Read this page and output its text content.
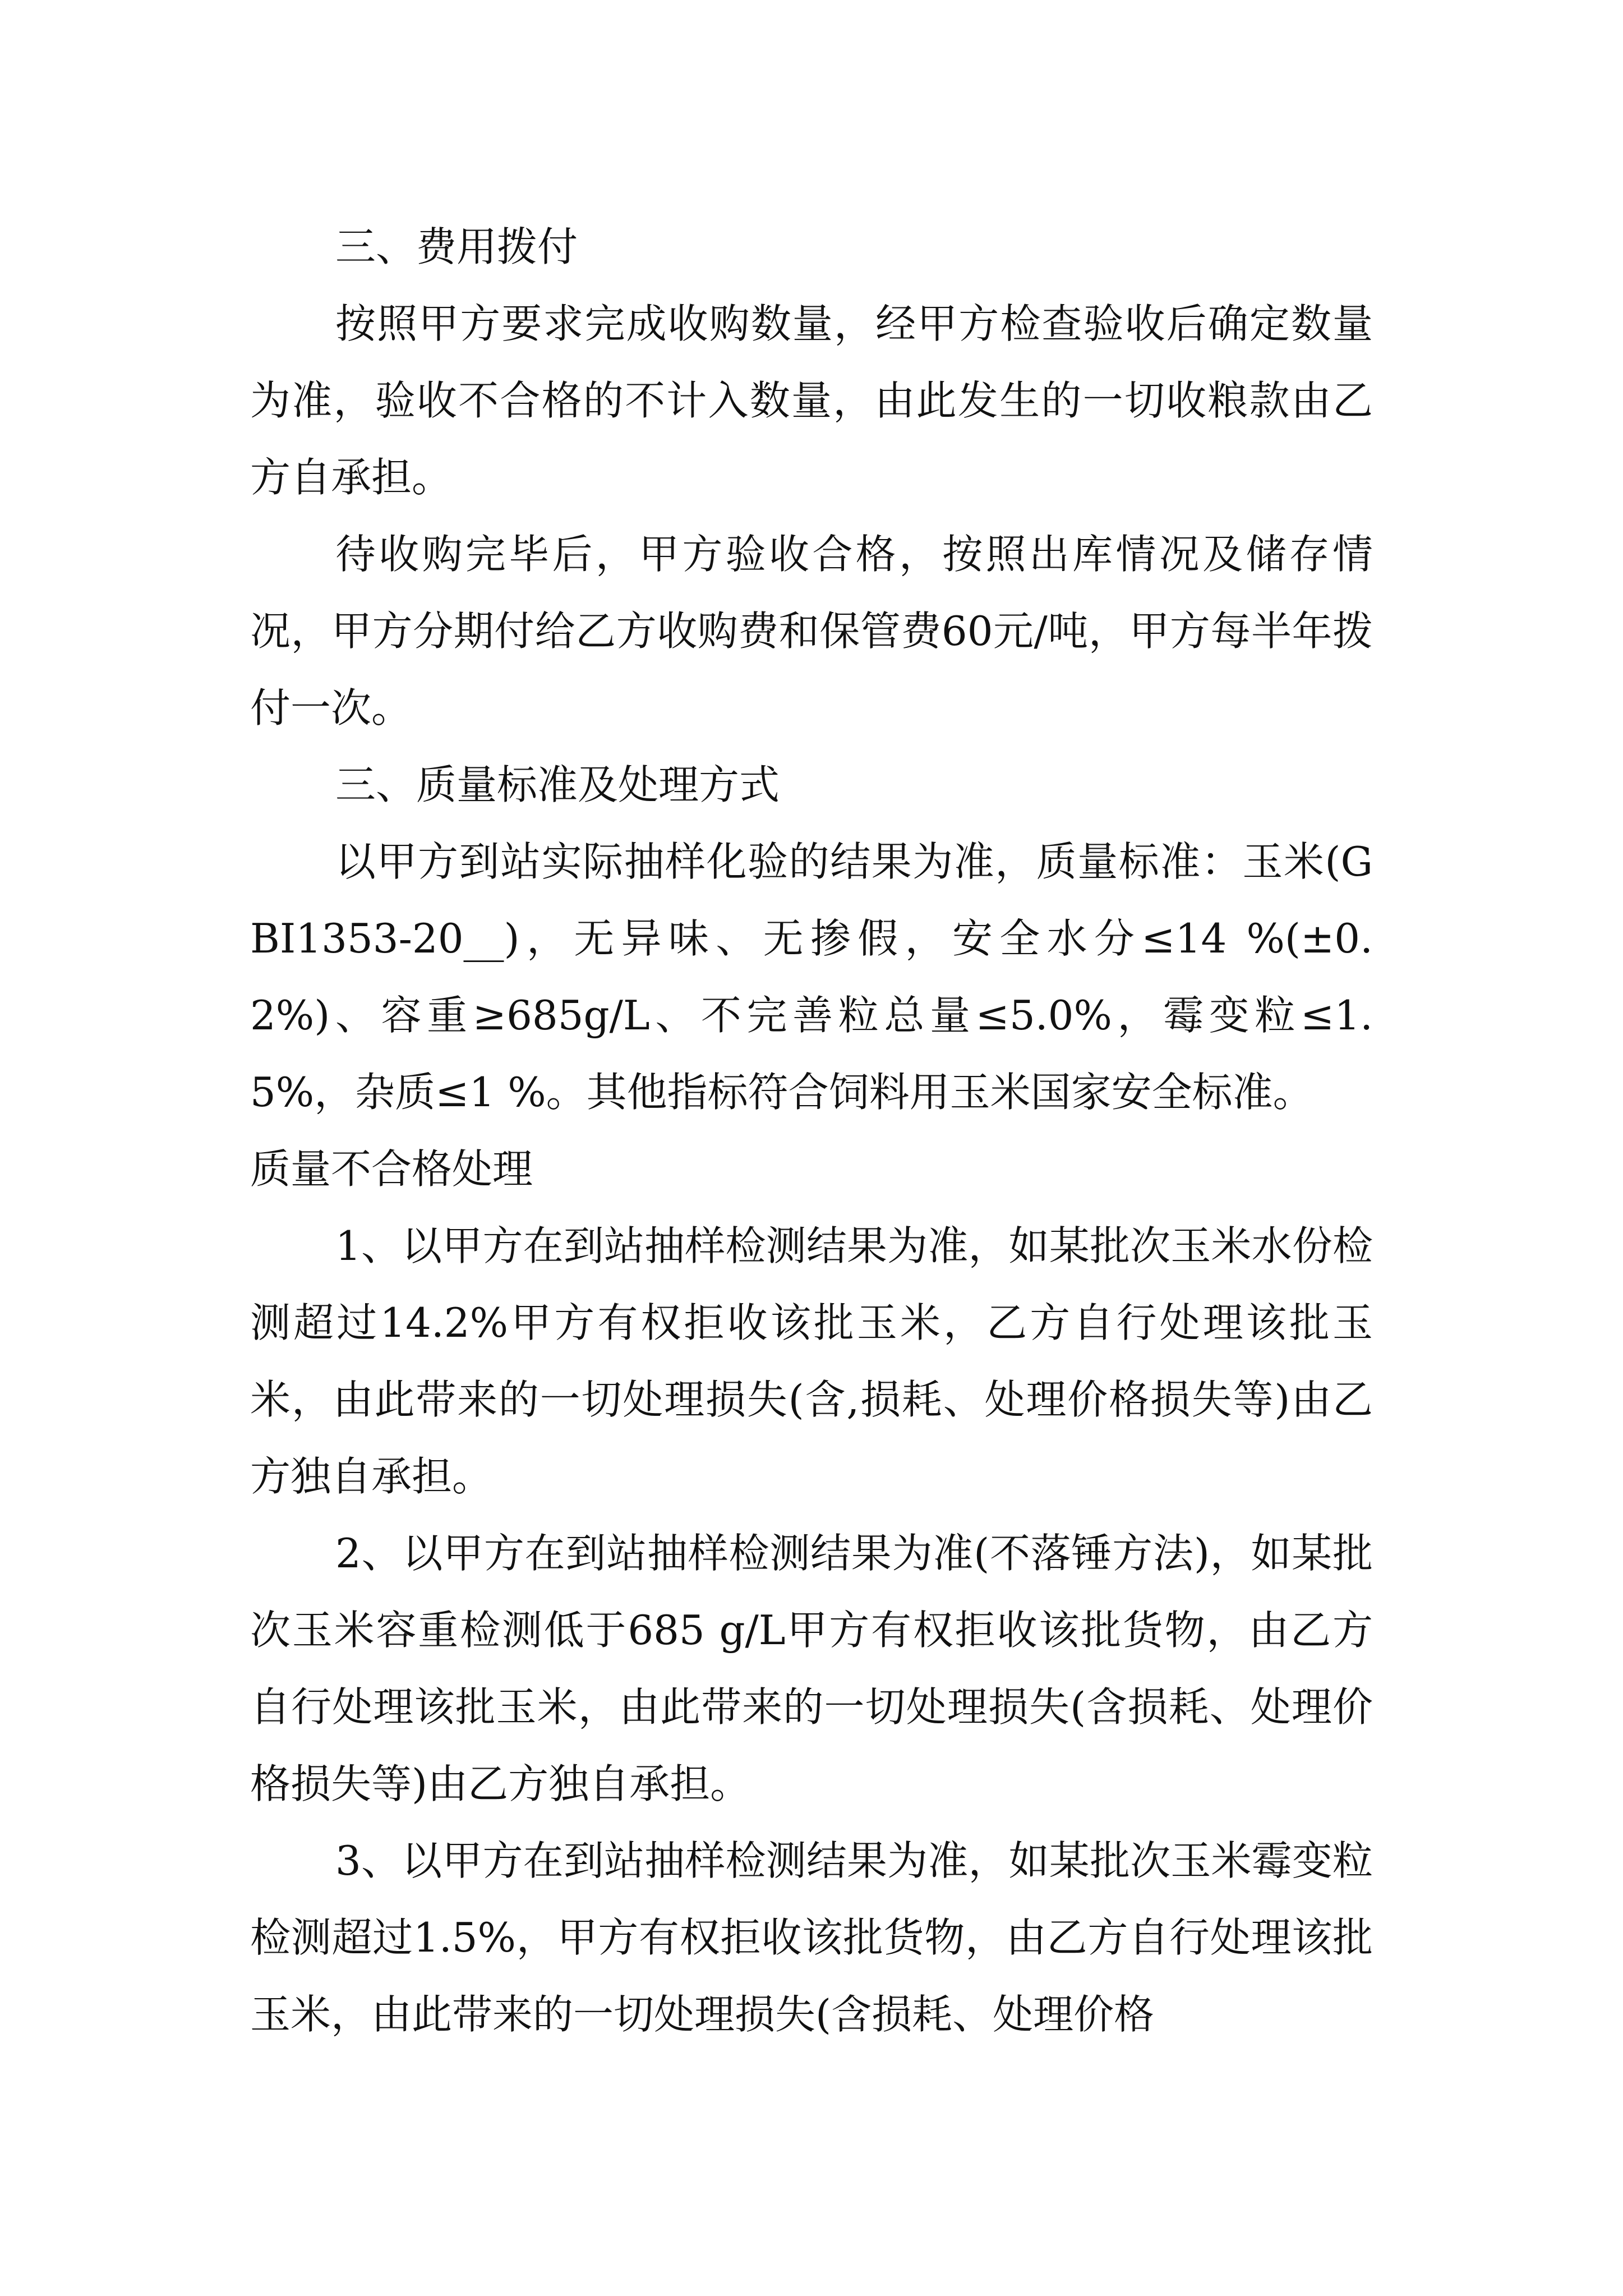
三、费用拨付

按照甲方要求完成收购数量，经甲方检查验收后确定数量为准，验收不合格的不计入数量，由此发生的一切收粮款由乙方自承担。

待收购完毕后，甲方验收合格，按照出库情况及储存情况，甲方分期付给乙方收购费和保管费60元/吨，甲方每半年拨付一次。

三、质量标准及处理方式

以甲方到站实际抽样化验的结果为准，质量标准：玉米(GBI1353-20__)，无异味、无掺假，安全水分≤14 %(±0.2%)、容重≥685g/L、不完善粒总量≤5.0%，霉变粒≤1.5%，杂质≤1 %。其他指标符合饲料用玉米国家安全标准。

质量不合格处理

1、以甲方在到站抽样检测结果为准，如某批次玉米水份检测超过14.2%甲方有权拒收该批玉米，乙方自行处理该批玉米，由此带来的一切处理损失(含,损耗、处理价格损失等)由乙方独自承担。

2、以甲方在到站抽样检测结果为准(不落锤方法)，如某批次玉米容重检测低于685 g/L甲方有权拒收该批货物，由乙方自行处理该批玉米，由此带来的一切处理损失(含损耗、处理价格损失等)由乙方独自承担。

3、以甲方在到站抽样检测结果为准，如某批次玉米霉变粒检测超过1.5%，甲方有权拒收该批货物，由乙方自行处理该批玉米，由此带来的一切处理损失(含损耗、处理价格
